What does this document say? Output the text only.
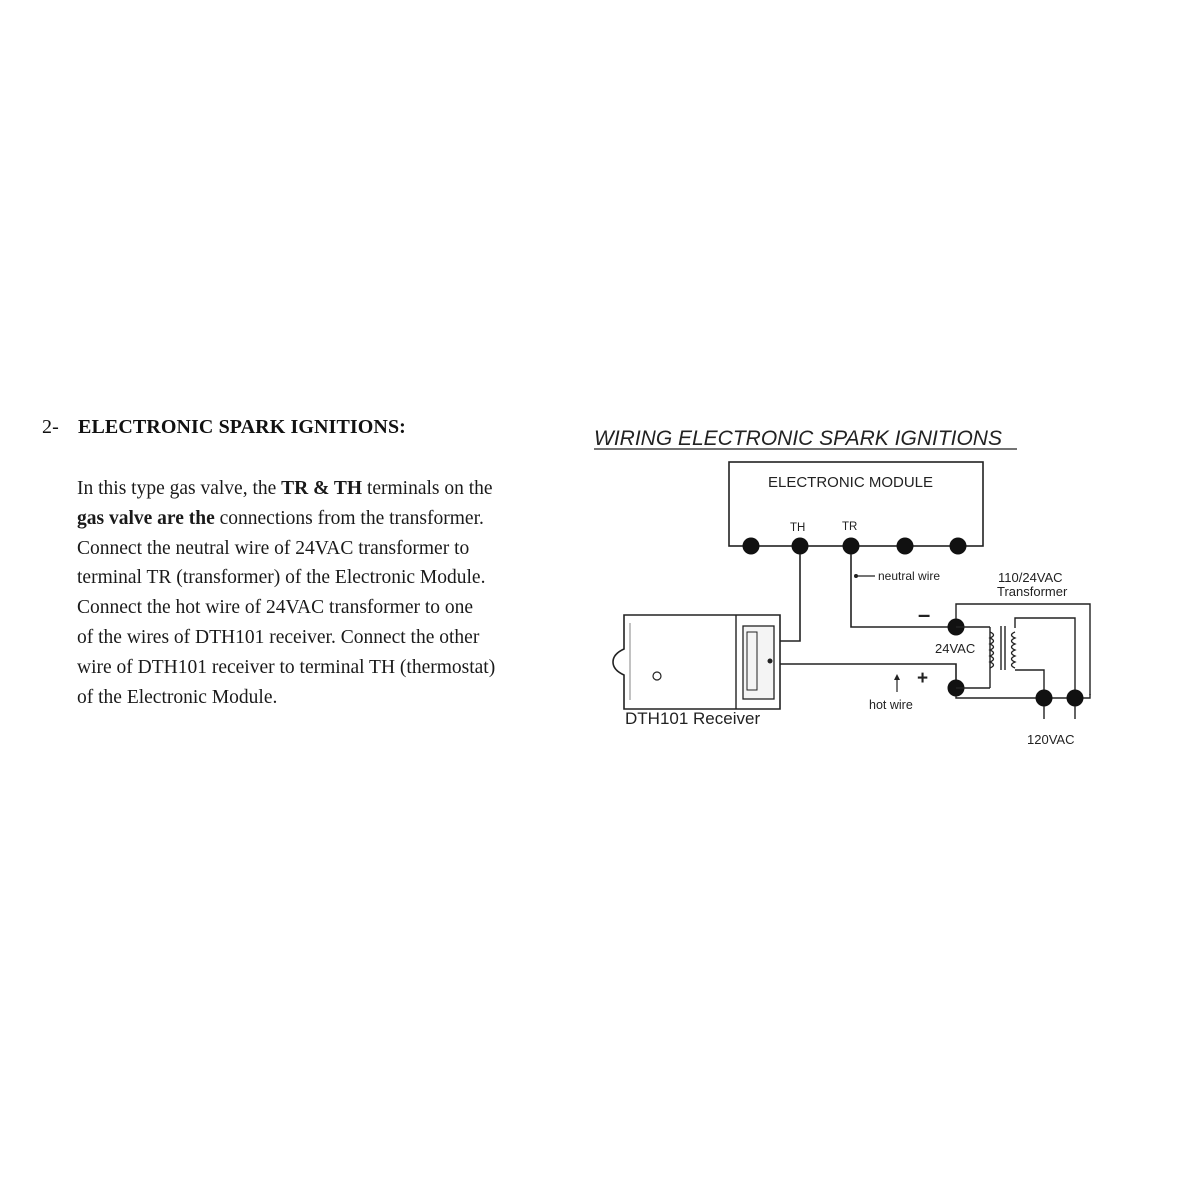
2- ELECTRONIC SPARK IGNITIONS:

In this type gas valve, the TR & TH terminals on the
gas valve are the connections from the transformer.
Connect the neutral wire of 24VAC transformer to
terminal TR (transformer) of the Electronic Module.
Connect the hot wire of 24VAC transformer to one
of the wires of DTH101 receiver. Connect the other
wire of DTH101 receiver to terminal TH (thermostat)
of the Electronic Module.

WIRING ELECTRONIC SPARK IGNITIONS
ELECTRONIC MODULE
TH	TR
neutral wire
hot wire
–
+
24VAC
110/24VAC
Transformer
120VAC
DTH101 Receiver
